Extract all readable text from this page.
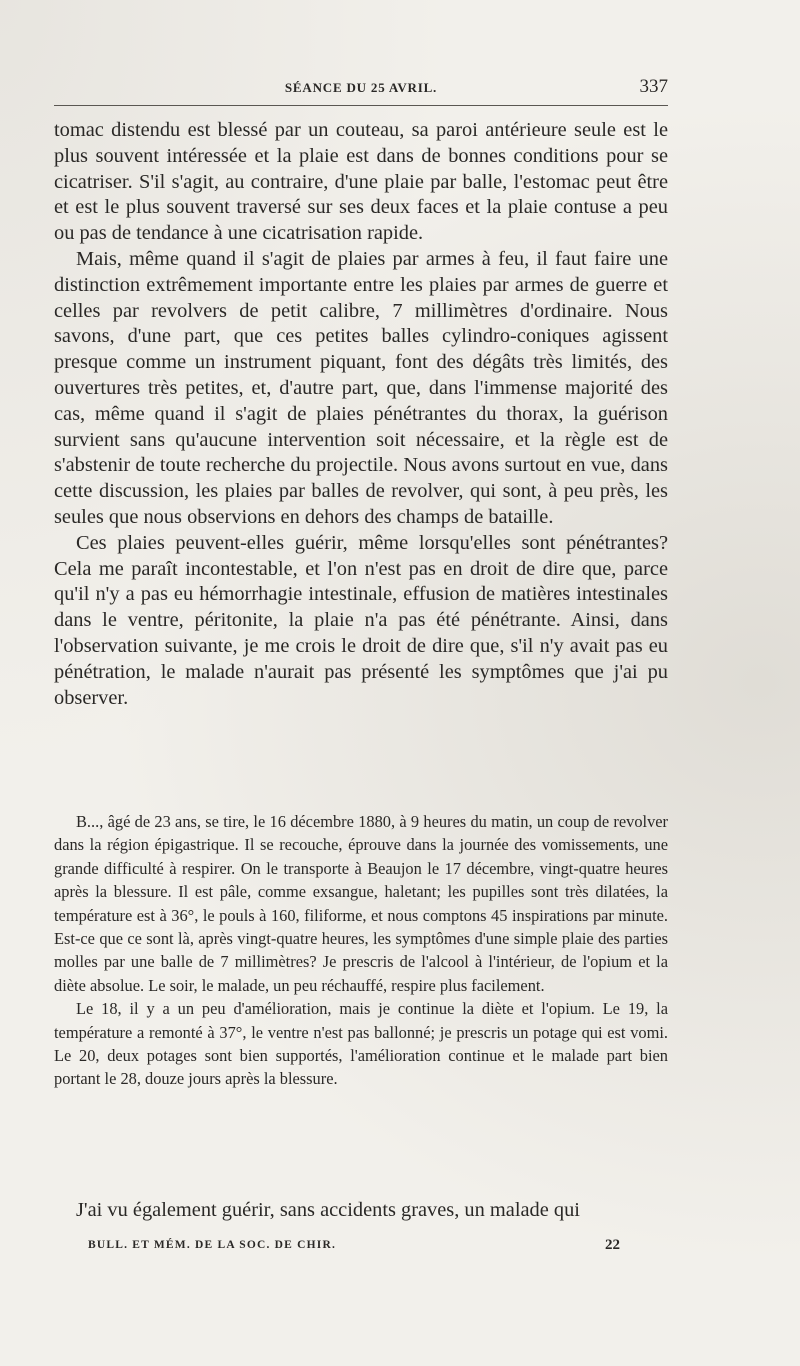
SÉANCE DU 25 AVRIL.	337

tomac distendu est blessé par un couteau, sa paroi antérieure seule est le plus souvent intéressée et la plaie est dans de bonnes conditions pour se cicatriser. S'il s'agit, au contraire, d'une plaie par balle, l'estomac peut être et est le plus souvent traversé sur ses deux faces et la plaie contuse a peu ou pas de tendance à une cicatrisation rapide.

Mais, même quand il s'agit de plaies par armes à feu, il faut faire une distinction extrêmement importante entre les plaies par armes de guerre et celles par revolvers de petit calibre, 7 millimètres d'ordinaire. Nous savons, d'une part, que ces petites balles cylindro-coniques agissent presque comme un instrument piquant, font des dégâts très limités, des ouvertures très petites, et, d'autre part, que, dans l'immense majorité des cas, même quand il s'agit de plaies pénétrantes du thorax, la guérison survient sans qu'aucune intervention soit nécessaire, et la règle est de s'abstenir de toute recherche du projectile. Nous avons surtout en vue, dans cette discussion, les plaies par balles de revolver, qui sont, à peu près, les seules que nous observions en dehors des champs de bataille.

Ces plaies peuvent-elles guérir, même lorsqu'elles sont pénétrantes? Cela me paraît incontestable, et l'on n'est pas en droit de dire que, parce qu'il n'y a pas eu hémorrhagie intestinale, effusion de matières intestinales dans le ventre, péritonite, la plaie n'a pas été pénétrante. Ainsi, dans l'observation suivante, je me crois le droit de dire que, s'il n'y avait pas eu pénétration, le malade n'aurait pas présenté les symptômes que j'ai pu observer.

B..., âgé de 23 ans, se tire, le 16 décembre 1880, à 9 heures du matin, un coup de revolver dans la région épigastrique. Il se recouche, éprouve dans la journée des vomissements, une grande difficulté à respirer. On le transporte à Beaujon le 17 décembre, vingt-quatre heures après la blessure. Il est pâle, comme exsangue, haletant; les pupilles sont très dilatées, la température est à 36°, le pouls à 160, filiforme, et nous comptons 45 inspirations par minute. Est-ce que ce sont là, après vingt-quatre heures, les symptômes d'une simple plaie des parties molles par une balle de 7 millimètres? Je prescris de l'alcool à l'intérieur, de l'opium et la diète absolue. Le soir, le malade, un peu réchauffé, respire plus facilement.

Le 18, il y a un peu d'amélioration, mais je continue la diète et l'opium. Le 19, la température a remonté à 37°, le ventre n'est pas ballonné; je prescris un potage qui est vomi. Le 20, deux potages sont bien supportés, l'amélioration continue et le malade part bien portant le 28, douze jours après la blessure.

J'ai vu également guérir, sans accidents graves, un malade qui

BULL. ET MÉM. DE LA SOC. DE CHIR.	22
